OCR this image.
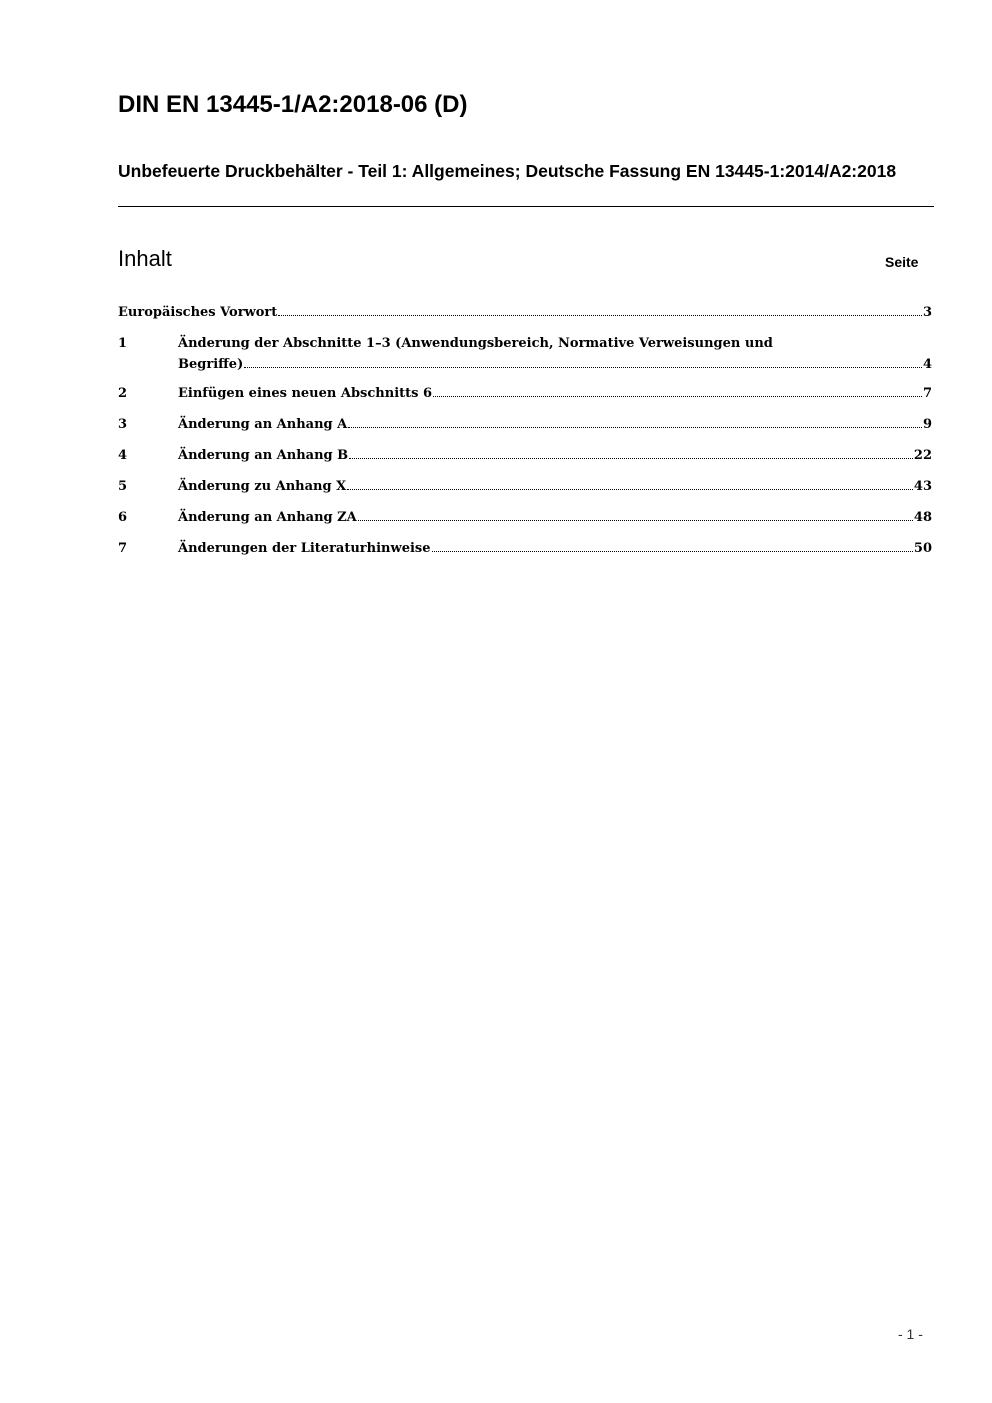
DIN EN 13445-1/A2:2018-06 (D)
Unbefeuerte Druckbehälter - Teil 1: Allgemeines; Deutsche Fassung EN 13445-1:2014/A2:2018
Inhalt	Seite
Europäisches Vorwort	3
1	Änderung der Abschnitte 1–3 (Anwendungsbereich, Normative Verweisungen und
Begriffe)	4
2	Einfügen eines neuen Abschnitts 6	7
3	Änderung an Anhang A	9
4	Änderung an Anhang B	22
5	Änderung zu Anhang X	43
6	Änderung an Anhang ZA	48
7	Änderungen der Literaturhinweise	50
- 1 -
